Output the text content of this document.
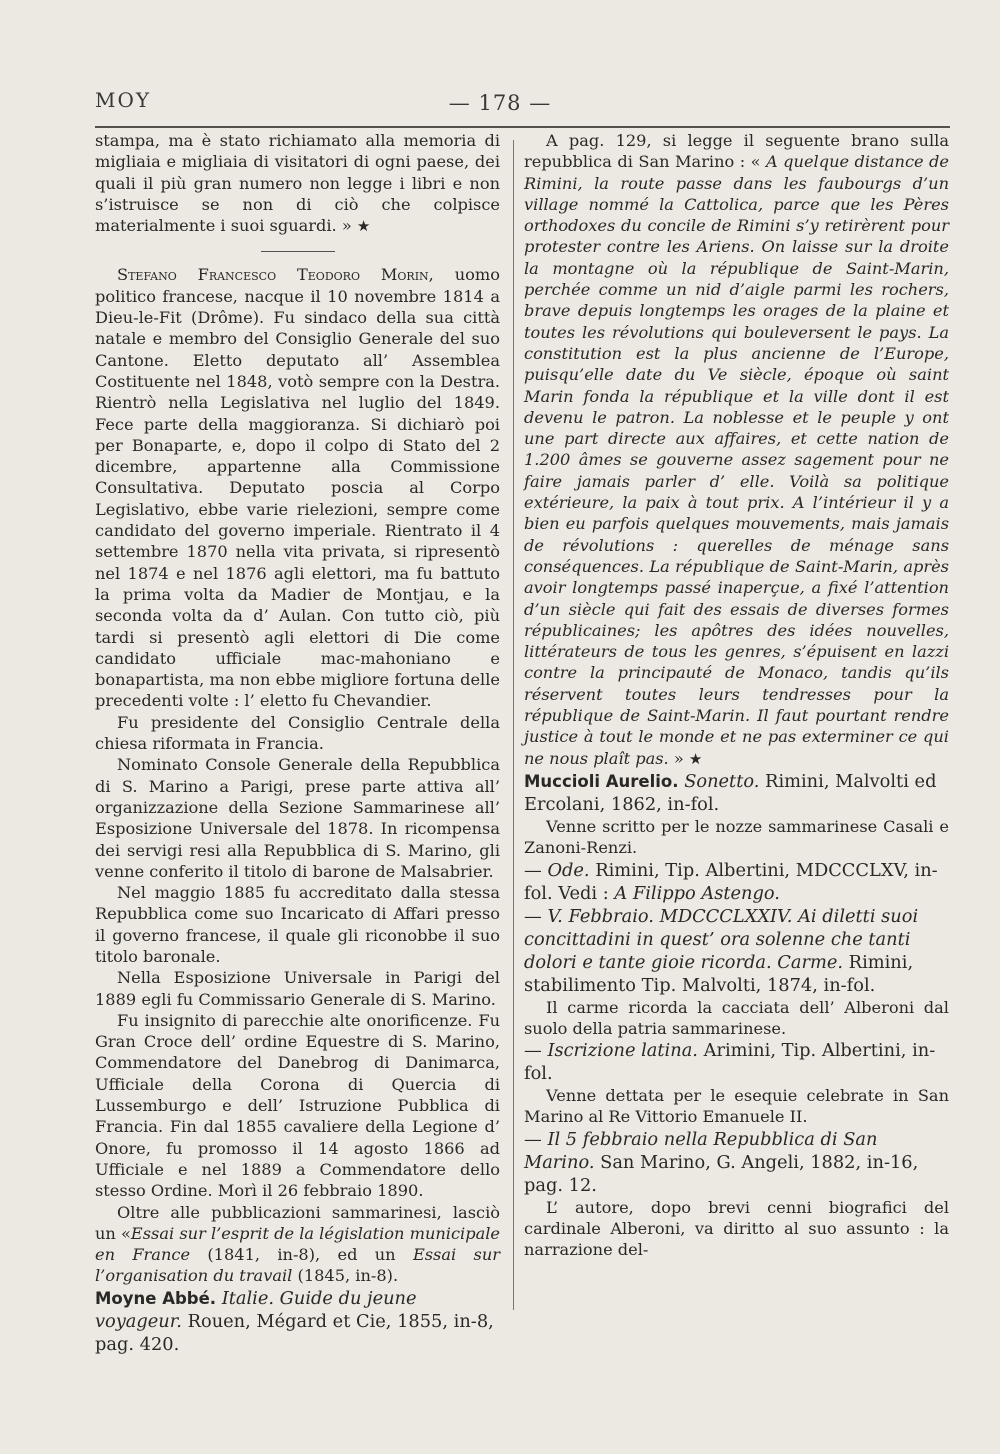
MOY	— 178 —

stampa, ma è stato richiamato alla memoria di migliaia e migliaia di visitatori di ogni paese, dei quali il più gran numero non legge i libri e non s’istruisce se non di ciò che colpisce materialmente i suoi sguardi. » ★

Stefano Francesco Teodoro Morin, uomo politico francese, nacque il 10 novembre 1814 a Dieu-le-Fit (Drôme). Fu sindaco della sua città natale e membro del Consiglio Generale del suo Cantone. Eletto deputato all’ Assemblea Costituente nel 1848, votò sempre con la Destra. Rientrò nella Legislativa nel luglio del 1849. Fece parte della maggioranza. Si dichiarò poi per Bonaparte, e, dopo il colpo di Stato del 2 dicembre, appartenne alla Commissione Consultativa. Deputato poscia al Corpo Legislativo, ebbe varie rielezioni, sempre come candidato del governo imperiale. Rientrato il 4 settembre 1870 nella vita privata, si ripresentò nel 1874 e nel 1876 agli elettori, ma fu battuto la prima volta da Madier de Montjau, e la seconda volta da d’ Aulan. Con tutto ciò, più tardi si presentò agli elettori di Die come candidato ufficiale mac-mahoniano e bonapartista, ma non ebbe migliore fortuna delle precedenti volte : l’ eletto fu Chevandier.

Fu presidente del Consiglio Centrale della chiesa riformata in Francia.

Nominato Console Generale della Repubblica di S. Marino a Parigi, prese parte attiva all’ organizzazione della Sezione Sammarinese all’ Esposizione Universale del 1878. In ricompensa dei servigi resi alla Repubblica di S. Marino, gli venne conferito il titolo di barone de Malsabrier.

Nel maggio 1885 fu accreditato dalla stessa Repubblica come suo Incaricato di Affari presso il governo francese, il quale gli riconobbe il suo titolo baronale.

Nella Esposizione Universale in Parigi del 1889 egli fu Commissario Generale di S. Marino.

Fu insignito di parecchie alte onorificenze. Fu Gran Croce dell’ ordine Equestre di S. Marino, Commendatore del Danebrog di Danimarca, Ufficiale della Corona di Quercia di Lussemburgo e dell’ Istruzione Pubblica di Francia. Fin dal 1855 cavaliere della Legione d’ Onore, fu promosso il 14 agosto 1866 ad Ufficiale e nel 1889 a Commendatore dello stesso Ordine. Morì il 26 febbraio 1890.

Oltre alle pubblicazioni sammarinesi, lasciò un «Essai sur l’esprit de la législation municipale en France (1841, in-8), ed un Essai sur l’organisation du travail (1845, in-8).

Moyne Abbé. Italie. Guide du jeune voyageur. Rouen, Mégard et Cie, 1855, in-8, pag. 420.

A pag. 129, si legge il seguente brano sulla repubblica di San Marino : « A quelque distance de Rimini, la route passe dans les faubourgs d’un village nommé la Cattolica, parce que les Pères orthodoxes du concile de Rimini s’y retirèrent pour protester contre les Ariens. On laisse sur la droite la montagne où la république de Saint-Marin, perchée comme un nid d’aigle parmi les rochers, brave depuis longtemps les orages de la plaine et toutes les révolutions qui bouleversent le pays. La constitution est la plus ancienne de l’Europe, puisqu’elle date du Ve siècle, époque où saint Marin fonda la république et la ville dont il est devenu le patron. La noblesse et le peuple y ont une part directe aux affaires, et cette nation de 1.200 âmes se gouverne assez sagement pour ne faire jamais parler d’ elle. Voilà sa politique extérieure, la paix à tout prix. A l’intérieur il y a bien eu parfois quelques mouvements, mais jamais de révolutions : querelles de ménage sans conséquences. La république de Saint-Marin, après avoir longtemps passé inaperçue, a fixé l’attention d’un siècle qui fait des essais de diverses formes républicaines; les apôtres des idées nouvelles, littérateurs de tous les genres, s’épuisent en lazzi contre la principauté de Monaco, tandis qu’ils réservent toutes leurs tendresses pour la république de Saint-Marin. Il faut pourtant rendre justice à tout le monde et ne pas exterminer ce qui ne nous plaît pas. » ★

Muccioli Aurelio. Sonetto. Rimini, Malvolti ed Ercolani, 1862, in-fol.

Venne scritto per le nozze sammarinese Casali e Zanoni-Renzi.

— Ode. Rimini, Tip. Albertini, MDCCCLXV, in-fol. Vedi : A Filippo Astengo.

— V. Febbraio. MDCCCLXXIV. Ai diletti suoi concittadini in quest’ ora solenne che tanti dolori e tante gioie ricorda. Carme. Rimini, stabilimento Tip. Malvolti, 1874, in-fol.

Il carme ricorda la cacciata dell’ Alberoni dal suolo della patria sammarinese.

— Iscrizione latina. Arimini, Tip. Albertini, in-fol.

Venne dettata per le esequie celebrate in San Marino al Re Vittorio Emanuele II.

— Il 5 febbraio nella Repubblica di San Marino. San Marino, G. Angeli, 1882, in-16, pag. 12.

L’ autore, dopo brevi cenni biografici del cardinale Alberoni, va diritto al suo assunto : la narrazione del-
